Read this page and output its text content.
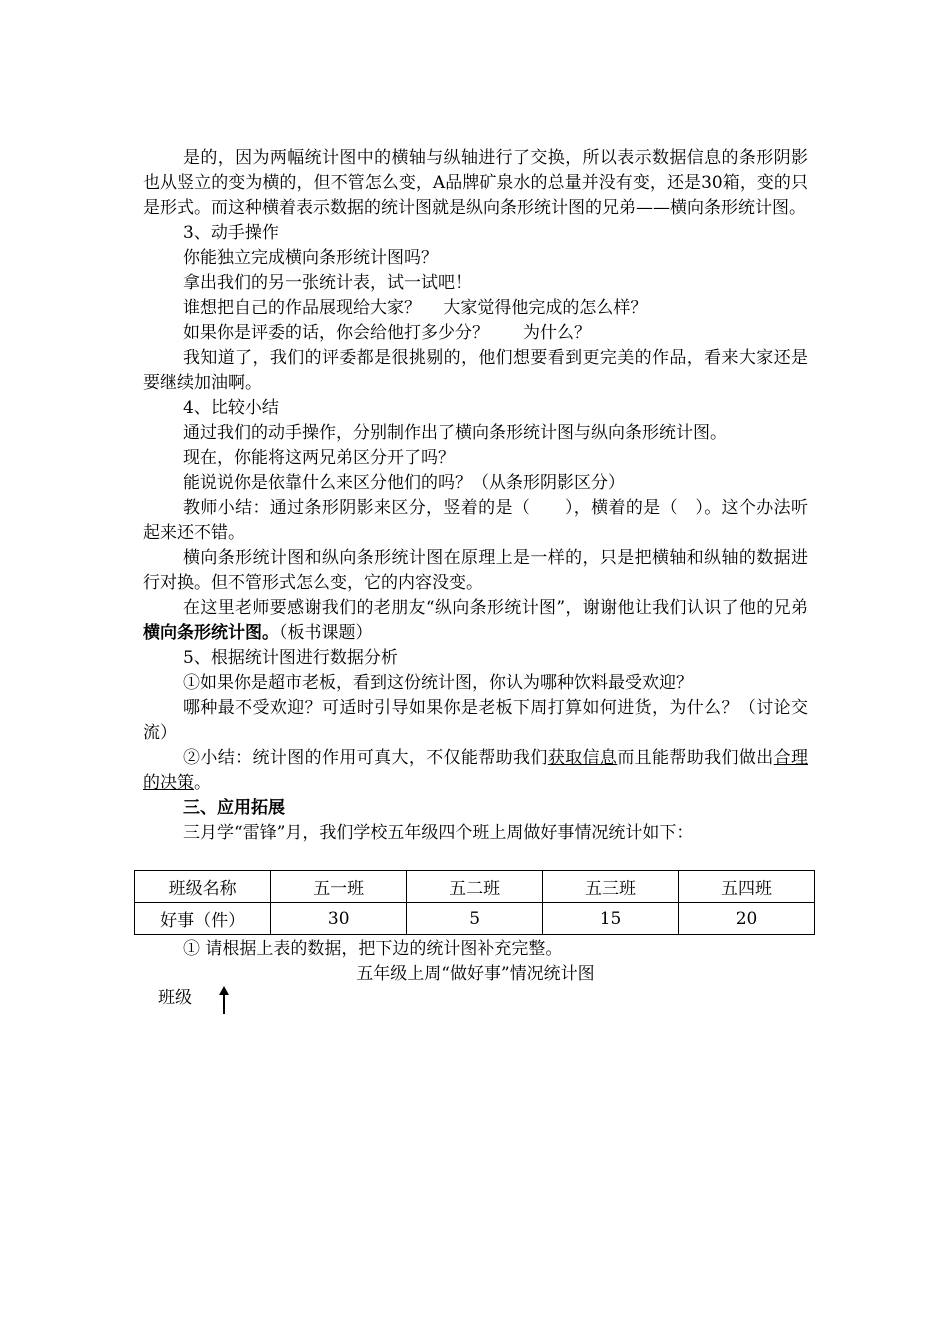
是的，因为两幅统计图中的横轴与纵轴进行了交换，所以表示数据信息的条形阴影也从竖立的变为横的，但不管怎么变，A品牌矿泉水的总量并没有变，还是30箱，变的只是形式。而这种横着表示数据的统计图就是纵向条形统计图的兄弟——横向条形统计图。

3、动手操作

你能独立完成横向条形统计图吗？

拿出我们的另一张统计表，试一试吧！

谁想把自己的作品展现给大家？　 大家觉得他完成的怎么样？

如果你是评委的话，你会给他打多少分？　　为什么？

我知道了，我们的评委都是很挑剔的，他们想要看到更完美的作品，看来大家还是要继续加油啊。

4、比较小结

通过我们的动手操作，分别制作出了横向条形统计图与纵向条形统计图。

现在，你能将这两兄弟区分开了吗？

能说说你是依靠什么来区分他们的吗？（从条形阴影区分）

教师小结：通过条形阴影来区分，竖着的是（　　），横着的是（　）。这个办法听起来还不错。

横向条形统计图和纵向条形统计图在原理上是一样的，只是把横轴和纵轴的数据进行对换。但不管形式怎么变，它的内容没变。

在这里老师要感谢我们的老朋友“纵向条形统计图”，谢谢他让我们认识了他的兄弟横向条形统计图。（板书课题）

5、根据统计图进行数据分析

①如果你是超市老板，看到这份统计图，你认为哪种饮料最受欢迎？

哪种最不受欢迎？可适时引导如果你是老板下周打算如何进货，为什么？（讨论交流）

②小结：统计图的作用可真大，不仅能帮助我们获取信息而且能帮助我们做出合理的决策。

三、应用拓展

三月学“雷锋”月，我们学校五年级四个班上周做好事情况统计如下：

班级名称	五一班	五二班	五三班	五四班
好事（件）	30	5	15	20

① 请根据上表的数据，把下边的统计图补充完整。

五年级上周“做好事”情况统计图

班级
